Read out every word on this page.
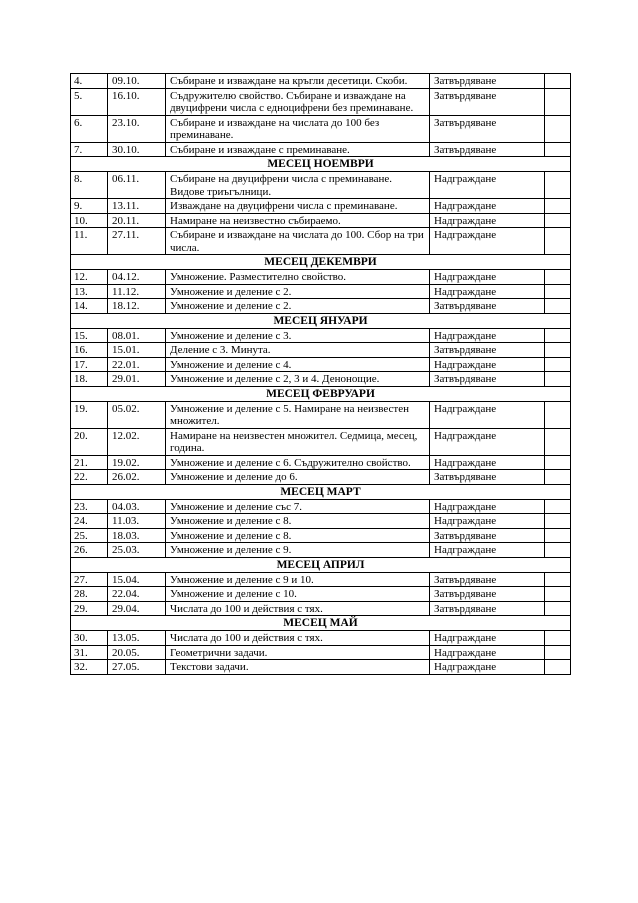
4.	09.10.	Събиране и изваждане на кръгли десетици. Скоби.	Затвърдяване	
5.	16.10.	Съдружителю свойство. Събиране и изваждане на двуцифрени числа с едноцифрени без преминаване.	Затвърдяване	
6.	23.10.	Събиране и изваждане на числата до 100 без преминаване.	Затвърдяване	
7.	30.10.	Събиране и изваждане с преминаване.	Затвърдяване	
МЕСЕЦ НОЕМВРИ				
8.	06.11.	Събиране на двуцифрени числа с преминаване. Видове триъгълници.	Надграждане	
9.	13.11.	Изваждане на двуцифрени числа с преминаване.	Надграждане	
10.	20.11.	Намиране на неизвестно събираемо.	Надграждане	
11.	27.11.	Събиране и изваждане на числата до 100. Сбор на три числа.	Надграждане	
МЕСЕЦ ДЕКЕМВРИ				
12.	04.12.	Умножение. Разместително свойство.	Надграждане	
13.	11.12.	Умножение и деление с 2.	Надграждане	
14.	18.12.	Умножение и деление с 2.	Затвърдяване	
МЕСЕЦ ЯНУАРИ				
15.	08.01.	Умножение и деление с 3.	Надграждане	
16.	15.01.	Деление с 3. Минута.	Затвърдяване	
17.	22.01.	Умножение и деление с 4.	Надграждане	
18.	29.01.	Умножение и деление с 2, 3 и 4. Денонощие.	Затвърдяване	
МЕСЕЦ ФЕВРУАРИ				
19.	05.02.	Умножение и деление с 5. Намиране на неизвестен множител.	Надграждане	
20.	12.02.	Намиране на неизвестен множител. Седмица, месец, година.	Надграждане	
21.	19.02.	Умножение и деление с 6. Съдружително свойство.	Надграждане	
22.	26.02.	Умножение и деление до 6.	Затвърдяване	
МЕСЕЦ МАРТ				
23.	04.03.	Умножение и деление със 7.	Надграждане	
24.	11.03.	Умножение и деление с 8.	Надграждане	
25.	18.03.	Умножение и деление с 8.	Затвърдяване	
26.	25.03.	Умножение и деление с 9.	Надграждане	
МЕСЕЦ АПРИЛ				
27.	15.04.	Умножение и деление с 9 и 10.	Затвърдяване	
28.	22.04.	Умножение и деление с 10.	Затвърдяване	
29.	29.04.	Числата до 100 и действия с тях.	Затвърдяване	
МЕСЕЦ МАЙ				
30.	13.05.	Числата до 100 и действия с тях.	Надграждане	
31.	20.05.	Геометрични задачи.	Надграждане	
32.	27.05.	Текстови задачи.	Надграждане	
